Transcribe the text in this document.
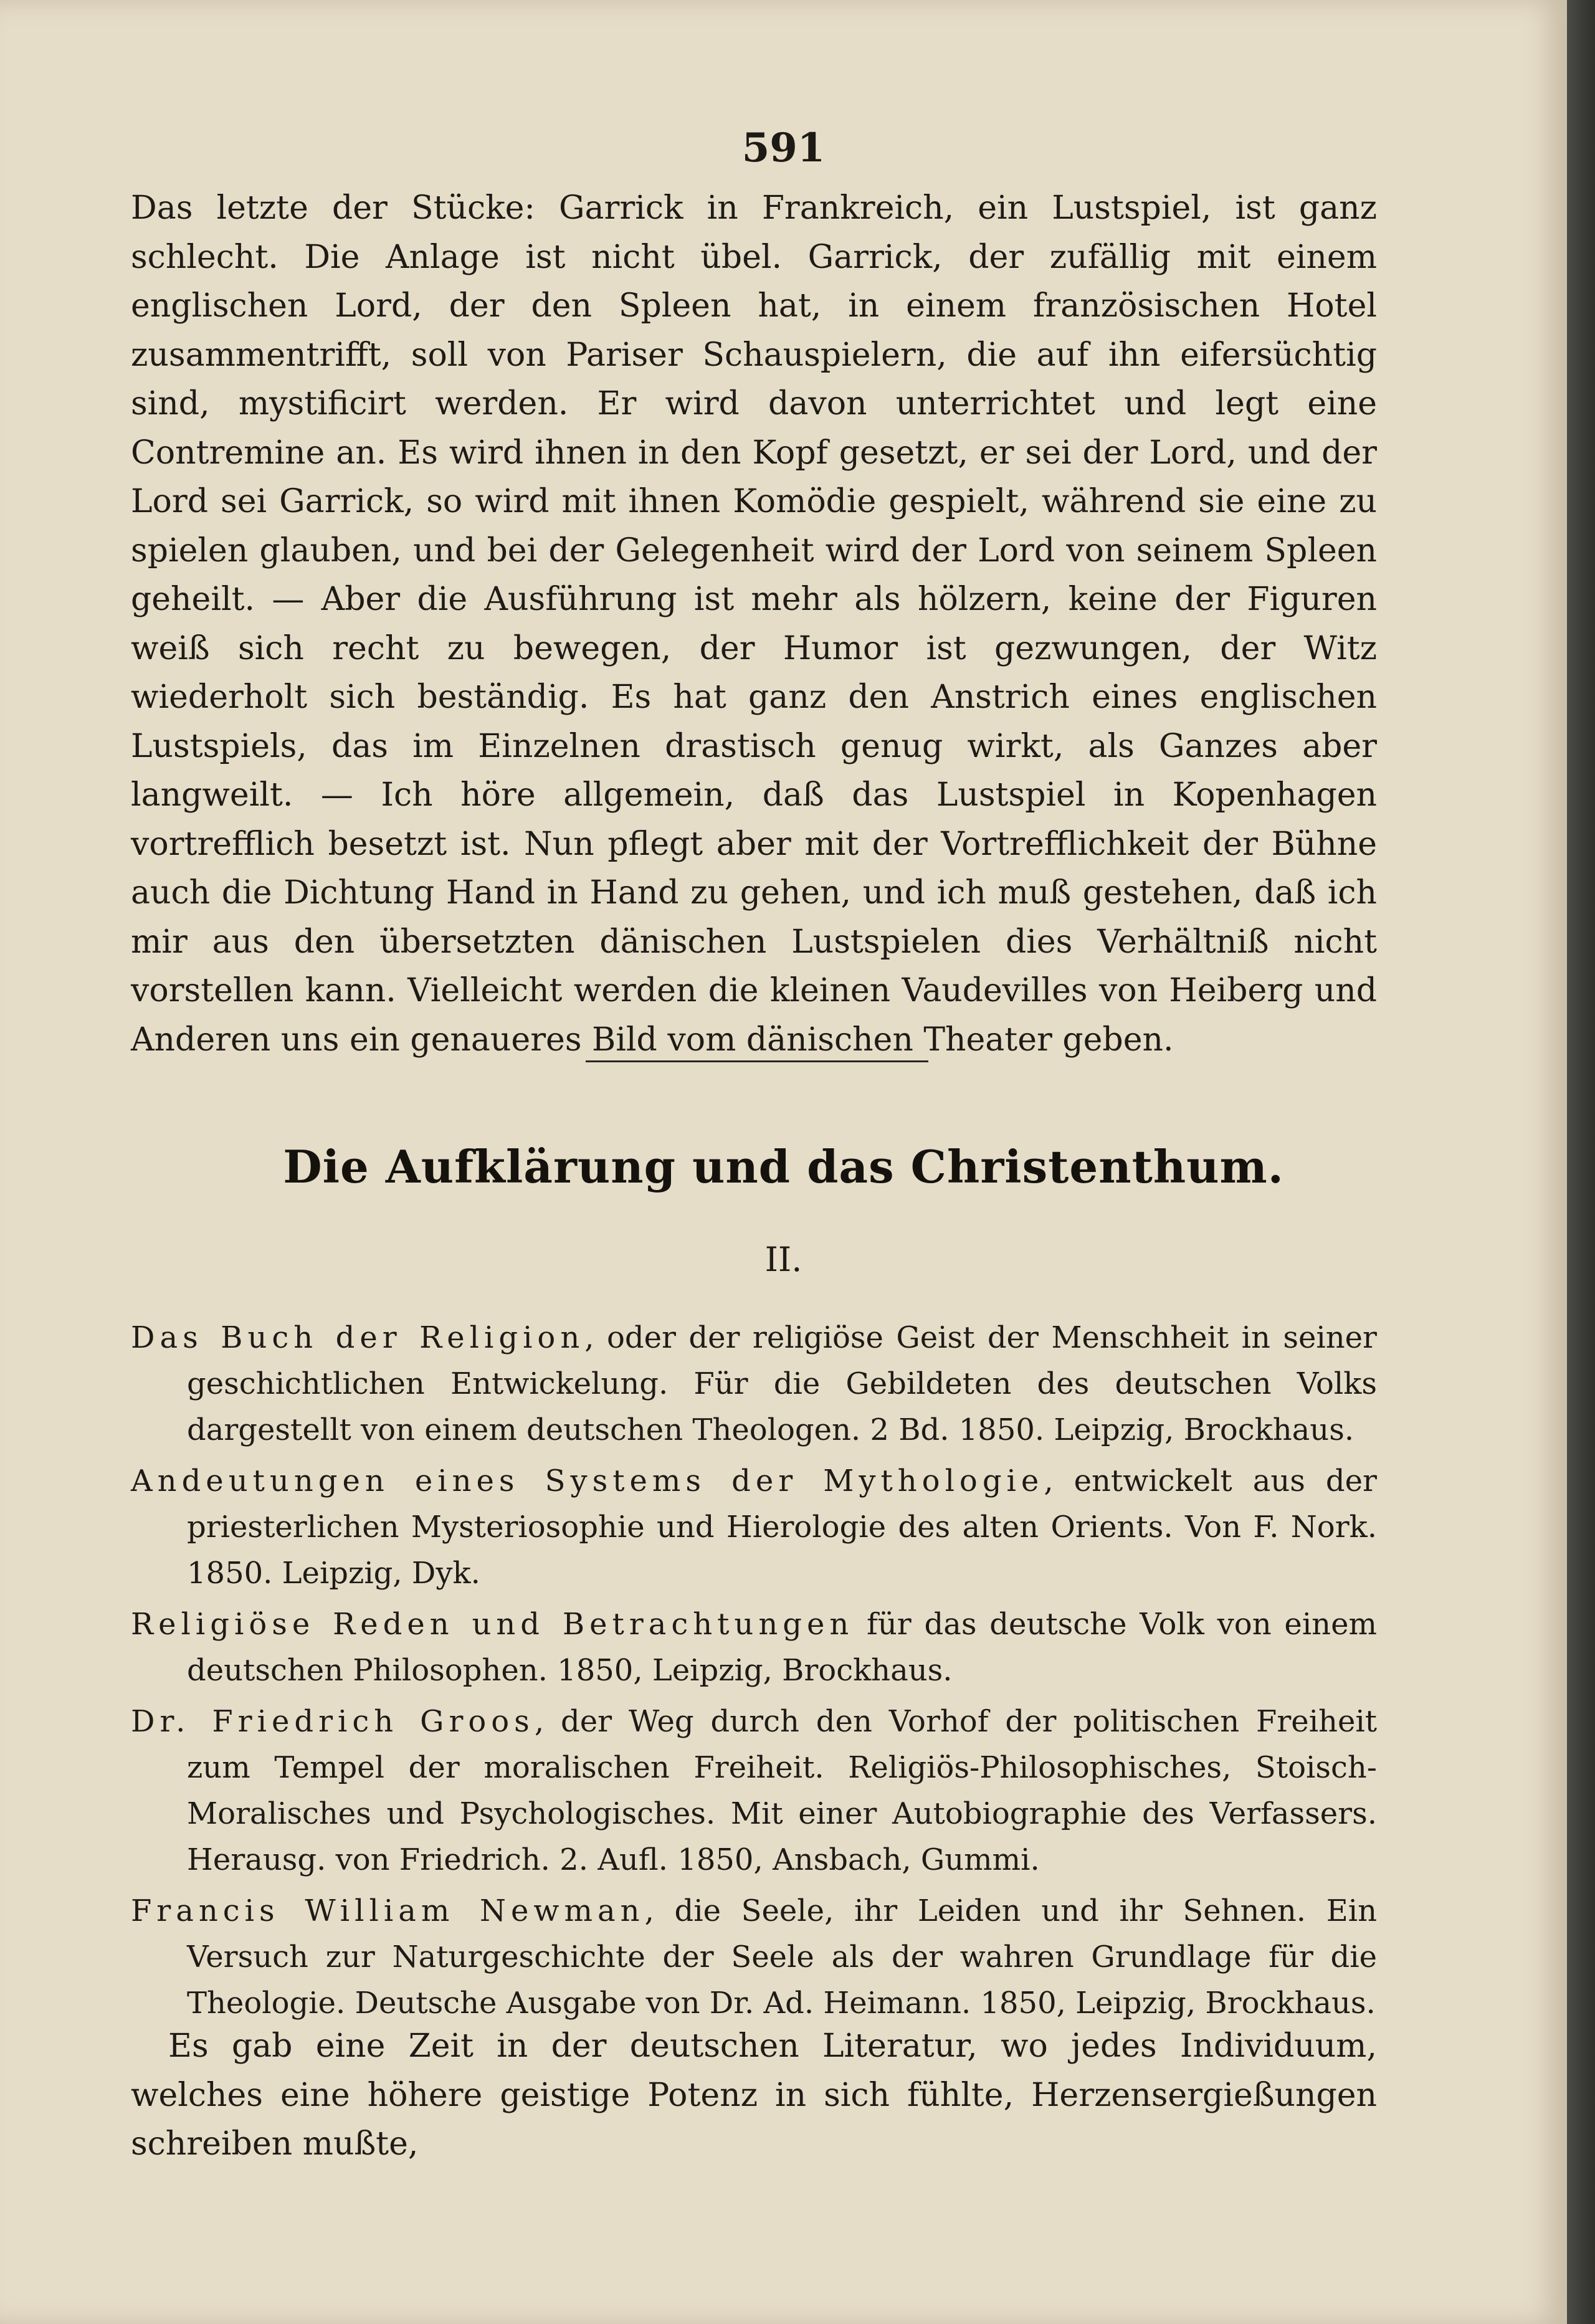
591

Das letzte der Stücke: Garrick in Frankreich, ein Lustspiel, ist ganz schlecht. Die Anlage ist nicht übel. Garrick, der zufällig mit einem englischen Lord, der den Spleen hat, in einem französischen Hotel zusammentrifft, soll von Pariser Schauspielern, die auf ihn eifersüchtig sind, mystificirt werden. Er wird davon unterrichtet und legt eine Contremine an. Es wird ihnen in den Kopf gesetzt, er sei der Lord, und der Lord sei Garrick, so wird mit ihnen Komödie gespielt, während sie eine zu spielen glauben, und bei der Gelegenheit wird der Lord von seinem Spleen geheilt. — Aber die Ausführung ist mehr als hölzern, keine der Figuren weiß sich recht zu bewegen, der Humor ist gezwungen, der Witz wiederholt sich beständig. Es hat ganz den Anstrich eines englischen Lustspiels, das im Einzelnen drastisch genug wirkt, als Ganzes aber langweilt. — Ich höre allgemein, daß das Lustspiel in Kopenhagen vortrefflich besetzt ist. Nun pflegt aber mit der Vortrefflichkeit der Bühne auch die Dichtung Hand in Hand zu gehen, und ich muß gestehen, daß ich mir aus den übersetzten dänischen Lustspielen dies Verhältniß nicht vorstellen kann. Vielleicht werden die kleinen Vaudevilles von Heiberg und Anderen uns ein genaueres Bild vom dänischen Theater geben.

Die Aufklärung und das Christenthum.
II.

Das Buch der Religion, oder der religiöse Geist der Menschheit in seiner geschichtlichen Entwickelung. Für die Gebildeten des deutschen Volks dargestellt von einem deutschen Theologen. 2 Bd. 1850. Leipzig, Brockhaus.

Andeutungen eines Systems der Mythologie, entwickelt aus der priesterlichen Mysteriosophie und Hierologie des alten Orients. Von F. Nork. 1850. Leipzig, Dyk.

Religiöse Reden und Betrachtungen für das deutsche Volk von einem deutschen Philosophen. 1850, Leipzig, Brockhaus.

Dr. Friedrich Groos, der Weg durch den Vorhof der politischen Freiheit zum Tempel der moralischen Freiheit. Religiös-Philosophisches, Stoisch-Moralisches und Psychologisches. Mit einer Autobiographie des Verfassers. Herausg. von Friedrich. 2. Aufl. 1850, Ansbach, Gummi.

Francis William Newman, die Seele, ihr Leiden und ihr Sehnen. Ein Versuch zur Naturgeschichte der Seele als der wahren Grundlage für die Theologie. Deutsche Ausgabe von Dr. Ad. Heimann. 1850, Leipzig, Brockhaus.

Es gab eine Zeit in der deutschen Literatur, wo jedes Individuum, welches eine höhere geistige Potenz in sich fühlte, Herzensergießungen schreiben mußte,
